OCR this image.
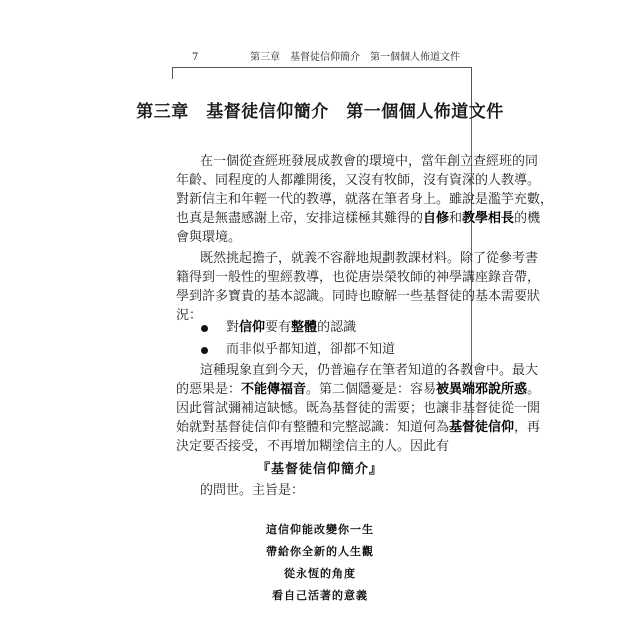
7	第三章　基督徒信仰簡介　第一個個人佈道文件
第三章　基督徒信仰簡介　第一個個人佈道文件
在一個從查經班發展成教會的環境中，當年創立查經班的同
年齡、同程度的人都離開後，又沒有牧師，沒有資深的人教導。
對新信主和年輕一代的教導，就落在筆者身上。雖說是濫竽充數，
也真是無盡感謝上帝，安排這樣極其難得的自修和教學相長的機
會與環境。
既然挑起擔子，就義不容辭地規劃教課材料。除了從參考書
籍得到一般性的聖經教導，也從唐崇榮牧師的神學講座錄音帶，
學到許多寶貴的基本認識。同時也瞭解一些基督徒的基本需要狀
況：
對信仰要有整體的認識
而非似乎都知道，卻都不知道
這種現象直到今天，仍普遍存在筆者知道的各教會中。最大
的惡果是：不能傳福音。第二個隱憂是：容易被異端邪說所惑。
因此嘗試彌補這缺憾。既為基督徒的需要；也讓非基督徒從一開
始就對基督徒信仰有整體和完整認識：知道何為基督徒信仰，再
決定要否接受，不再增加糊塗信主的人。因此有
『基督徒信仰簡介』
的問世。主旨是：
這信仰能改變你一生
帶給你全新的人生觀
從永恆的角度
看自己活著的意義
